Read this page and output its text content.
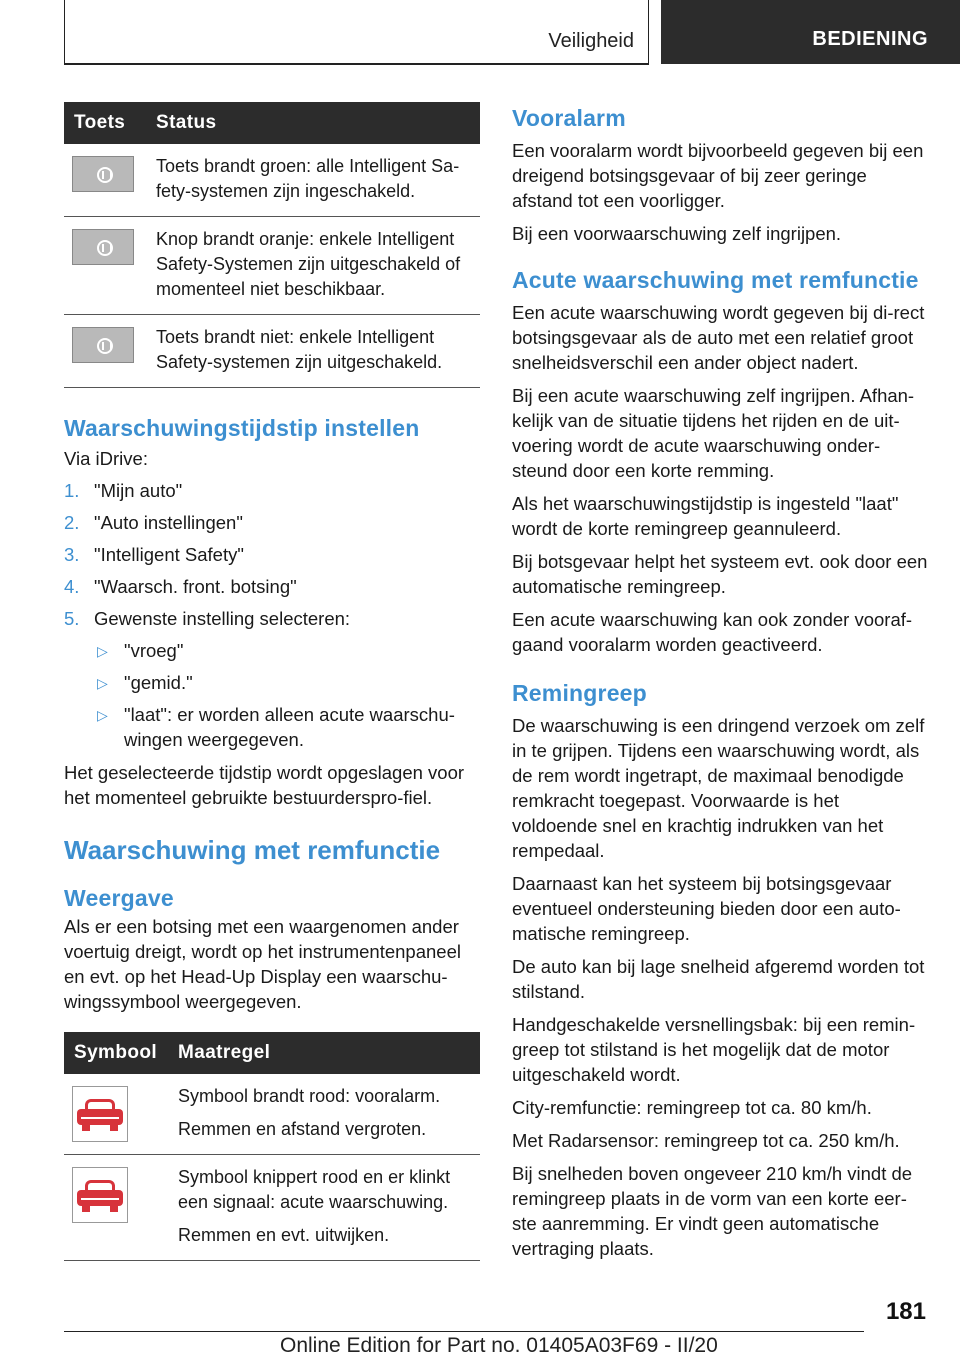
Veiligheid	BEDIENING
Toets	Status

	Toets brandt groen: alle Intelligent Sa-fety-systemen zijn ingeschakeld.

	Knop brandt oranje: enkele Intelligent Safety-Systemen zijn uitgeschakeld of momenteel niet beschikbaar.

	Toets brandt niet: enkele Intelligent Safety-systemen zijn uitgeschakeld.
Waarschuwingstijdstip instellen

Via iDrive:

1. "Mijn auto"
2. "Auto instellingen"
3. "Intelligent Safety"
4. "Waarsch. front. botsing"
5. Gewenste instelling selecteren:
▷ "vroeg"
▷ "gemid."
▷ "laat": er worden alleen acute waarschu-wingen weergegeven.

Het geselecteerde tijdstip wordt opgeslagen voor het momenteel gebruikte bestuurderspro-fiel.

Waarschuwing met remfunctie
Weergave

Als er een botsing met een waargenomen ander voertuig dreigt, wordt op het instrumentenpaneel en evt. op het Head-Up Display een waarschu-wingssymbool weergegeven.

Symbool	Maatregel

	Symbool brandt rood: vooralarm.
Remmen en afstand vergroten.

	Symbool knippert rood en er klinkt een signaal: acute waarschuwing.
Remmen en evt. uitwijken.
Vooralarm

Een vooralarm wordt bijvoorbeeld gegeven bij een dreigend botsingsgevaar of bij zeer geringe afstand tot een voorligger.

Bij een voorwaarschuwing zelf ingrijpen.

Acute waarschuwing met remfunctie

Een acute waarschuwing wordt gegeven bij di-rect botsingsgevaar als de auto met een relatief groot snelheidsverschil een ander object nadert.

Bij een acute waarschuwing zelf ingrijpen. Afhan-kelijk van de situatie tijdens het rijden en de uit-voering wordt de acute waarschuwing onder-steund door een korte remming.

Als het waarschuwingstijdstip is ingesteld "laat" wordt de korte remingreep geannuleerd.

Bij botsgevaar helpt het systeem evt. ook door een automatische remingreep.

Een acute waarschuwing kan ook zonder vooraf-gaand vooralarm worden geactiveerd.

Remingreep

De waarschuwing is een dringend verzoek om zelf in te grijpen. Tijdens een waarschuwing wordt, als de rem wordt ingetrapt, de maximaal benodigde remkracht toegepast. Voorwaarde is het voldoende snel en krachtig indrukken van het rempedaal.

Daarnaast kan het systeem bij botsingsgevaar eventueel ondersteuning bieden door een auto-matische remingreep.

De auto kan bij lage snelheid afgeremd worden tot stilstand.

Handgeschakelde versnellingsbak: bij een remin-greep tot stilstand is het mogelijk dat de motor uitgeschakeld wordt.

City-remfunctie: remingreep tot ca. 80 km/h.

Met Radarsensor: remingreep tot ca. 250 km/h.

Bij snelheden boven ongeveer 210 km/h vindt de remingreep plaats in de vorm van een korte eer-ste aanremming. Er vindt geen automatische vertraging plaats.

181
Online Edition for Part no. 01405A03F69 - II/20
